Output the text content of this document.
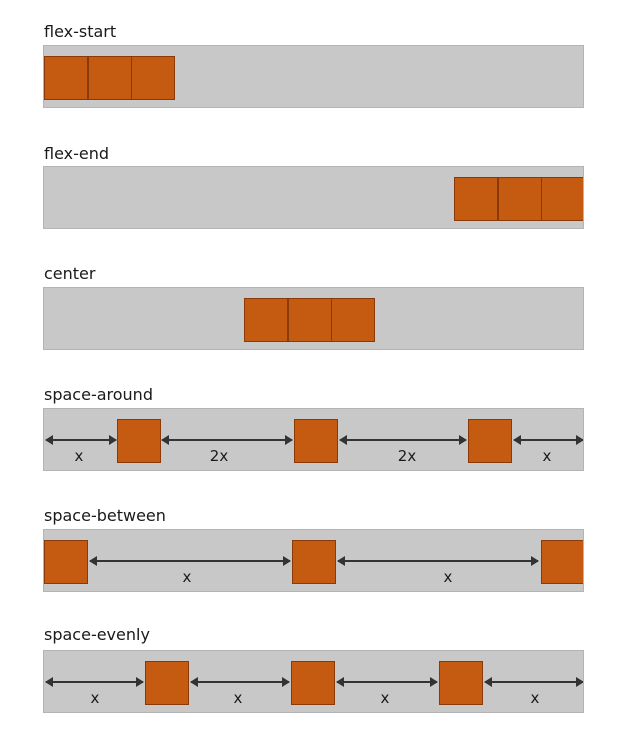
flex-start
flex-end
center
space-around
x	2x	2x	x
space-between
x	x
space-evenly
x	x	x	x
